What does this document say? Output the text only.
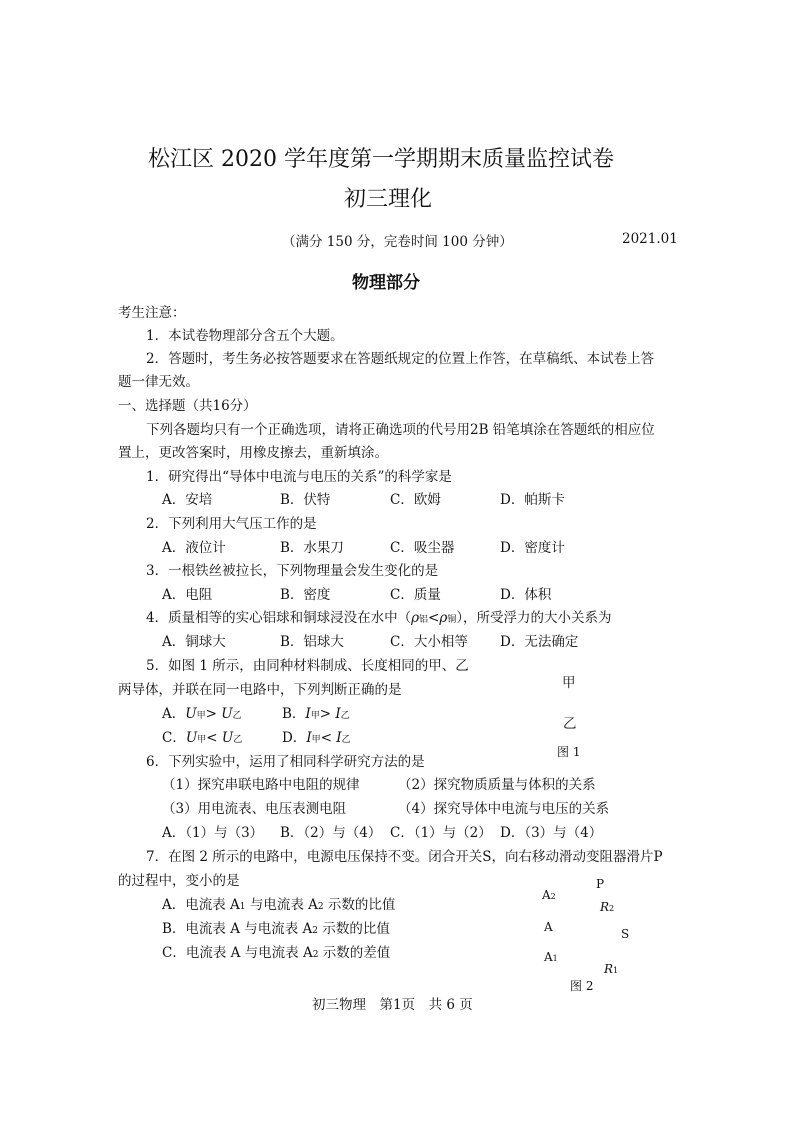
松江区 2020 学年度第一学期期末质量监控试卷
初三理化
（满分 150 分，完卷时间 100 分钟）	2021.01
物理部分
考生注意：
1．本试卷物理部分含五个大题。
2．答题时，考生务必按答题要求在答题纸规定的位置上作答，在草稿纸、本试卷上答
题一律无效。
一、选择题（共16分）
下列各题均只有一个正确选项，请将正确选项的代号用2B 铅笔填涂在答题纸的相应位
置上，更改答案时，用橡皮擦去，重新填涂。
1．研究得出“导体中电流与电压的关系”的科学家是
A．安培	B．伏特	C．欧姆	D．帕斯卡
2．下列利用大气压工作的是
A．液位计	B．水果刀	C．吸尘器	D．密度计
3．一根铁丝被拉长，下列物理量会发生变化的是
A．电阻	B．密度	C．质量	D．体积
4．质量相等的实心铝球和铜球浸没在水中（ρ铝<ρ铜），所受浮力的大小关系为
A．铜球大	B．铝球大	C．大小相等 D．无法确定
5．如图 1 所示，由同种材料制成、长度相同的甲、乙
两导体，并联在同一电路中，下列判断正确的是
A．U甲> U乙	B．I甲> I乙
C．U甲< U乙	D．I甲< I乙
甲
乙
图 1
6．下列实验中，运用了相同科学研究方法的是
（1）探究串联电路中电阻的规律	（2）探究物质质量与体积的关系
（3）用电流表、电压表测电阻	（4）探究导体中电流与电压的关系
A．（1）与（3） B．（2）与（4） C．（1）与（2） D．（3）与（4）
7．在图 2 所示的电路中，电源电压保持不变。闭合开关S，向右移动滑动变阻器滑片P
的过程中，变小的是
A．电流表 A1 与电流表 A2 示数的比值
B．电流表 A 与电流表 A2 示数的比值
C．电流表 A 与电流表 A2 示数的差值
A2
P
R2
A	S
A1
R1
图 2
初三物理　第1页　共 6 页
